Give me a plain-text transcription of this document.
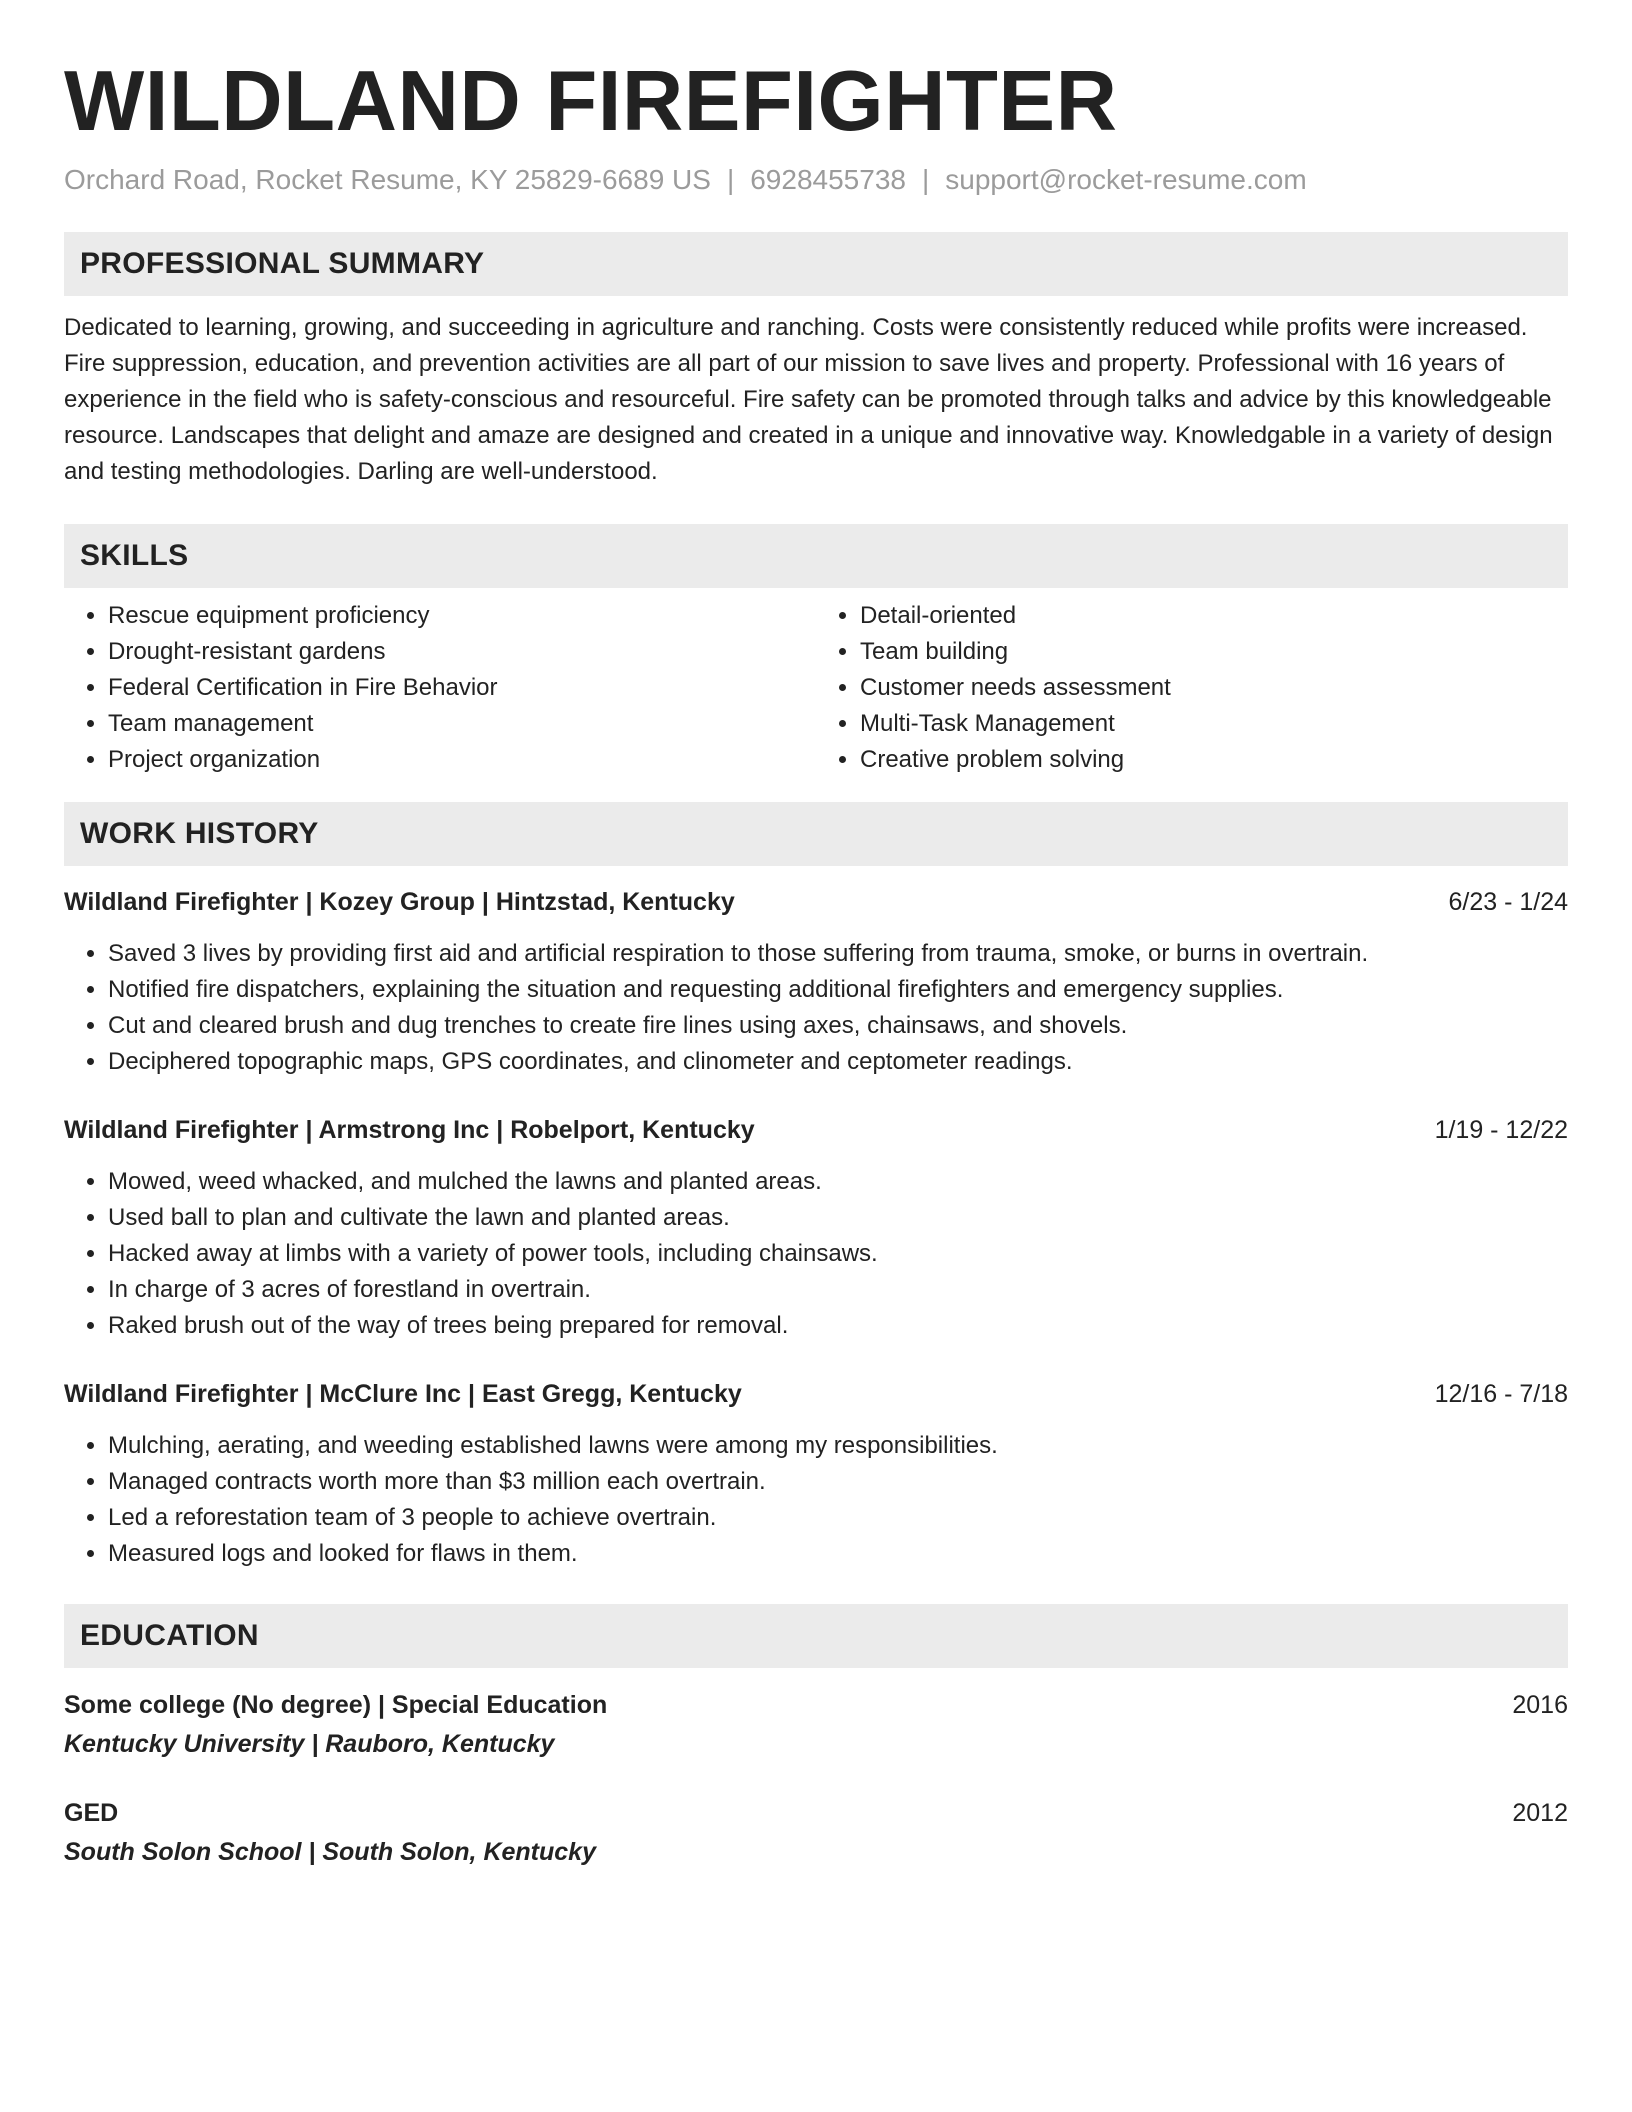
WILDLAND FIREFIGHTER
Orchard Road, Rocket Resume, KY 25829-6689 US | 6928455738 | support@rocket-resume.com
PROFESSIONAL SUMMARY
Dedicated to learning, growing, and succeeding in agriculture and ranching. Costs were consistently reduced while profits were increased. Fire suppression, education, and prevention activities are all part of our mission to save lives and property. Professional with 16 years of experience in the field who is safety-conscious and resourceful. Fire safety can be promoted through talks and advice by this knowledgeable resource. Landscapes that delight and amaze are designed and created in a unique and innovative way. Knowledgable in a variety of design and testing methodologies. Darling are well-understood.
SKILLS
• Rescue equipment proficiency
• Drought-resistant gardens
• Federal Certification in Fire Behavior
• Team management
• Project organization
• Detail-oriented
• Team building
• Customer needs assessment
• Multi-Task Management
• Creative problem solving
WORK HISTORY
Wildland Firefighter | Kozey Group | Hintzstad, Kentucky	6/23 - 1/24
• Saved 3 lives by providing first aid and artificial respiration to those suffering from trauma, smoke, or burns in overtrain.
• Notified fire dispatchers, explaining the situation and requesting additional firefighters and emergency supplies.
• Cut and cleared brush and dug trenches to create fire lines using axes, chainsaws, and shovels.
• Deciphered topographic maps, GPS coordinates, and clinometer and ceptometer readings.
Wildland Firefighter | Armstrong Inc | Robelport, Kentucky	1/19 - 12/22
• Mowed, weed whacked, and mulched the lawns and planted areas.
• Used ball to plan and cultivate the lawn and planted areas.
• Hacked away at limbs with a variety of power tools, including chainsaws.
• In charge of 3 acres of forestland in overtrain.
• Raked brush out of the way of trees being prepared for removal.
Wildland Firefighter | McClure Inc | East Gregg, Kentucky	12/16 - 7/18
• Mulching, aerating, and weeding established lawns were among my responsibilities.
• Managed contracts worth more than $3 million each overtrain.
• Led a reforestation team of 3 people to achieve overtrain.
• Measured logs and looked for flaws in them.
EDUCATION
Some college (No degree) | Special Education	2016
Kentucky University | Rauboro, Kentucky
GED	2012
South Solon School | South Solon, Kentucky
